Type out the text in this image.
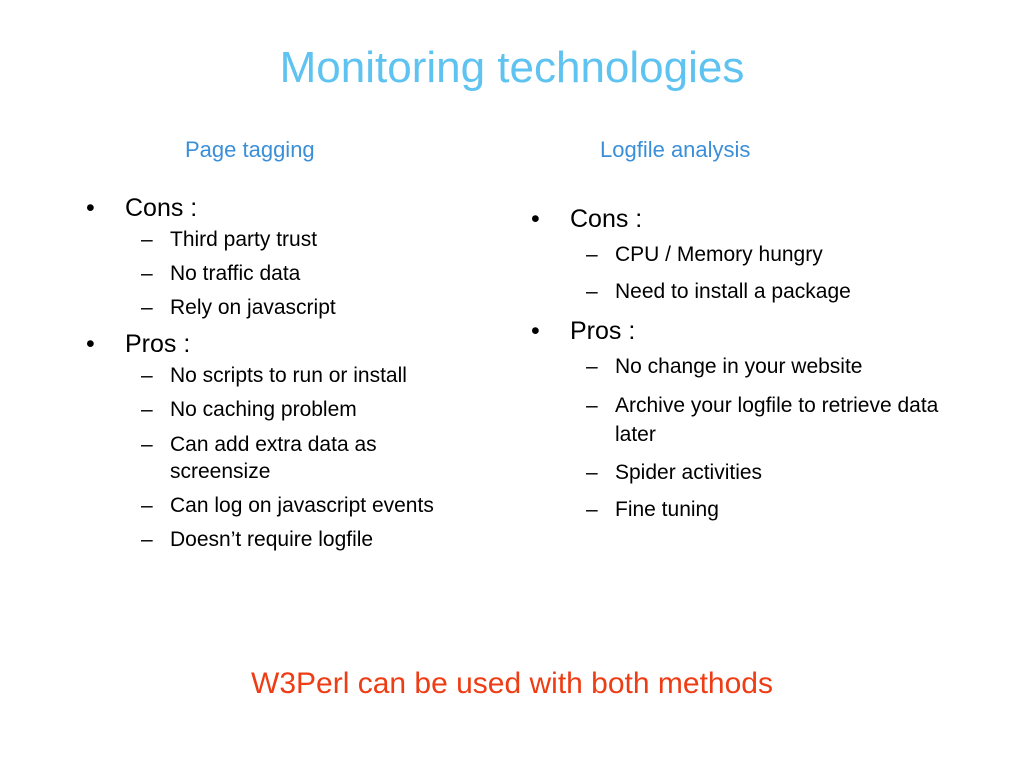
Monitoring technologies
Page tagging	Logfile analysis
• Cons :
– Third party trust
– No traffic data
– Rely on javascript
• Pros :
– No scripts to run or install
– No caching problem
– Can add extra data as screensize
– Can log on javascript events
– Doesn’t require logfile
• Cons :
– CPU / Memory hungry
– Need to install a package
• Pros :
– No change in your website
– Archive your logfile to retrieve data later
– Spider activities
– Fine tuning
W3Perl can be used with both methods
